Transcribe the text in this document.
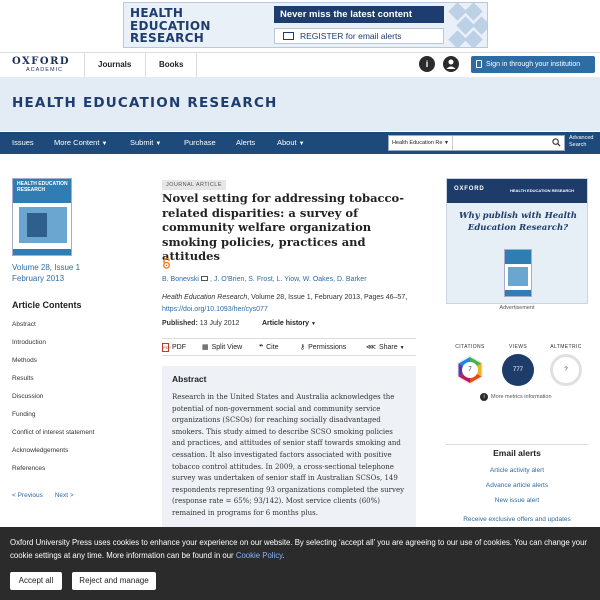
HEALTH
EDUCATION
RESEARCH
Never miss the latest content
REGISTER for email alerts
OXFORD
ACADEMIC
Journals	Books	i	Sign in through your institution
HEALTH EDUCATION RESEARCH
Issues	More Content ▼	Submit ▼	Purchase	Alerts	About ▼	Health Education Re ▼
Advanced
Search
HEALTH EDUCATION RESEARCH
Volume 28, Issue 1
February 2013
Article Contents
Abstract
Introduction
Methods
Results
Discussion
Funding
Conflict of interest statement
Acknowledgements
References
< Previous Next >
JOURNAL ARTICLE
Novel setting for addressing tobacco-related disparities: a survey of community welfare organization smoking policies, practices and attitudes
B. Bonevski , J. O'Brien, S. Frost, L. Yiow, W. Oakes, D. Barker
Health Education Research, Volume 28, Issue 1, February 2013, Pages 46–57, https://doi.org/10.1093/her/cys077
Published: 13 July 2012	Article history ▼
PDFPDF ▦ Split View ❝ Cite	⚷ Permissions	⋘ Share ▼
Abstract

Research in the United States and Australia acknowledges the potential of non-government social and community service organizations (SCSOs) for reaching socially disadvantaged smokers. This study aimed to describe SCSO smoking policies and practices, and attitudes of senior staff towards smoking and cessation. It also investigated factors associated with positive tobacco control attitudes. In 2009, a cross-sectional telephone survey was undertaken of senior staff in Australian SCSOs, 149 respondents representing 93 organizations completed the survey (response rate = 65%; 93/142). Most service clients (60%) remained in programs for 6 months plus.

OXFORD	HEALTH EDUCATION RESEARCH
Why publish with Health Education Research?
Advertisement
CITATIONS
7
VIEWS
777
ALTMETRIC
?
i More metrics information
Email alerts
Article activity alert
Advance article alerts
New issue alert
Receive exclusive offers and updates

Oxford University Press uses cookies to enhance your experience on our website. By selecting ‘accept all’ you are agreeing to our use of cookies. You can change your cookie settings at any time. More information can be found in our Cookie Policy.

Accept all	Reject and manage
